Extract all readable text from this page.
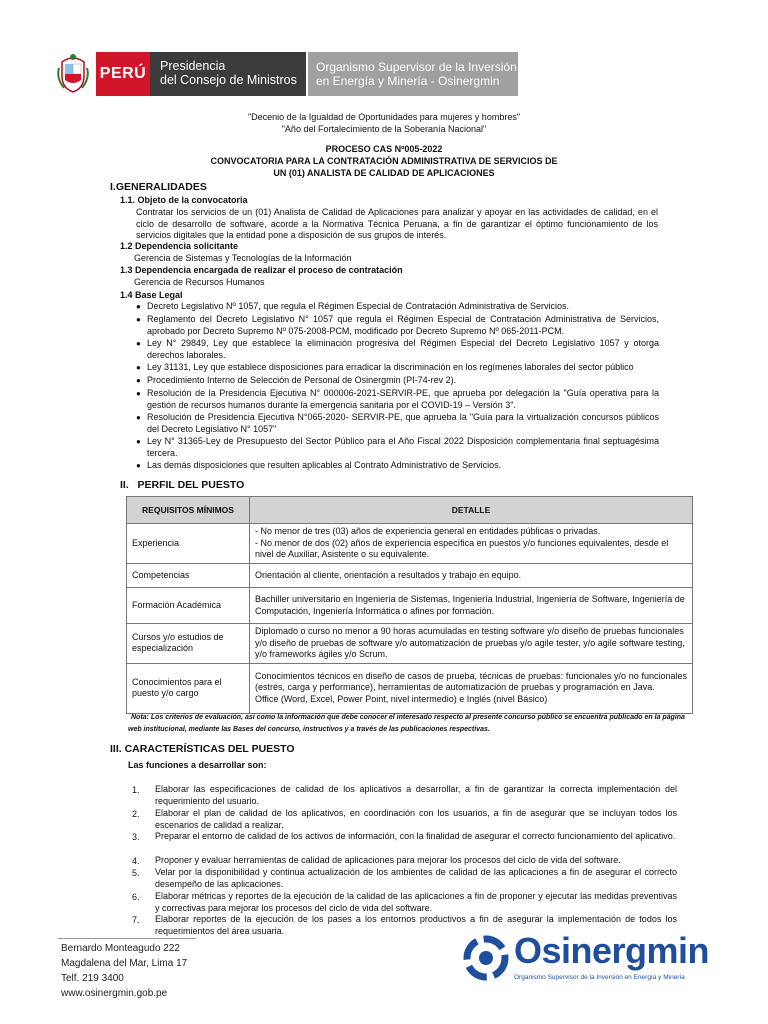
PERÚ	Presidencia
del Consejo de Ministros
Organismo Supervisor de la Inversión
en Energía y Minería - Osinergmin
"Decenio de la Igualdad de Oportunidades para mujeres y hombres"
"Año del Fortalecimiento de la Soberanía Nacional"
PROCESO CAS Nº005-2022
CONVOCATORIA PARA LA CONTRATACIÓN ADMINISTRATIVA DE SERVICIOS DE
UN (01) ANALISTA DE CALIDAD DE APLICACIONES
I.GENERALIDADES
1.1. Objeto de la convocatoria
Contratar los servicios de un (01) Analista de Calidad de Aplicaciones para analizar y apoyar en las actividades de calidad, en el ciclo de desarrollo de software, acorde a la Normativa Técnica Peruana, a fin de garantizar el óptimo funcionamiento de los servicios digitales que la entidad pone a disposición de sus grupos de interés.
1.2 Dependencia solicitante
Gerencia de Sistemas y Tecnologías de la Información
1.3 Dependencia encargada de realizar el proceso de contratación
Gerencia de Recursos Humanos
1.4 Base Legal
● Decreto Legislativo Nº 1057, que regula el Régimen Especial de Contratación Administrativa de Servicios.
● Reglamento del Decreto Legislativo N° 1057 que regula el Régimen Especial de Contratación Administrativa de Servicios, aprobado por Decreto Supremo Nº 075-2008-PCM, modificado por Decreto Supremo Nº 065-2011-PCM.
● Ley N° 29849, Ley que establece la eliminación progresiva del Régimen Especial del Decreto Legislativo 1057 y otorga derechos laborales.
● Ley 31131, Ley que establece disposiciones para erradicar la discriminación en los regímenes laborales del sector público
● Procedimiento Interno de Selección de Personal de Osinergmin (PI-74-rev 2).
● Resolución de la Presidencia Ejecutiva N° 000006-2021-SERVIR-PE, que aprueba por delegación la "Guía operativa para la gestión de recursos humanos durante la emergencia sanitaria por el COVID-19 – Versión 3".
● Resolución de Presidencia Ejecutiva N°065-2020- SERVIR-PE, que aprueba la "Guía para la virtualización concursos públicos del Decreto Legislativo N° 1057"
● Ley N° 31365-Ley de Presupuesto del Sector Público para el Año Fiscal 2022 Disposición complementaria final septuagésima tercera.
● Las demás disposiciones que resulten aplicables al Contrato Administrativo de Servicios.
II.   PERFIL DEL PUESTO
REQUISITOS MÍNIMOS	DETALLE
Experiencia	- No menor de tres (03) años de experiencia general en entidades públicas o privadas.
- No menor de dos (02) años de experiencia específica en puestos y/o funciones equivalentes, desde el nivel de Auxiliar, Asistente o su equivalente.
Competencias	Orientación al cliente, orientación a resultados y trabajo en equipo.
Formación Académica	Bachiller universitario en Ingeniería de Sistemas, Ingeniería Industrial, Ingeniería de Software, Ingeniería de Computación, Ingeniería Informática o afines por formación.
Cursos y/o estudios de especialización	Diplomado o curso no menor a 90 horas acumuladas en testing software y/o diseño de pruebas funcionales y/o diseño de pruebas de software y/o automatización de pruebas y/o agile tester, y/o agile software testing, y/o frameworks ágiles y/o Scrum.
Conocimientos para el puesto y/o cargo	Conocimientos técnicos en diseño de casos de prueba, técnicas de pruebas: funcionales y/o no funcionales (estrés, carga y performance), herramientas de automatización de pruebas y programación en Java.
Office (Word, Excel, Power Point, nivel intermedio) e Inglés (nivel Básico)
Nota: Los criterios de evaluación, así como la información que debe conocer el interesado respecto al presente concurso público se encuentra publicado en la página
web institucional, mediante las Bases del concurso, instructivos y a través de las publicaciones respectivas.
III. CARACTERÍSTICAS DEL PUESTO
Las funciones a desarrollar son:
1. Elaborar las especificaciones de calidad de los aplicativos a desarrollar, a fin de garantizar la correcta implementación del requerimiento del usuario.
2. Elaborar el plan de calidad de los aplicativos, en coordinación con los usuarios, a fin de asegurar que se incluyan todos los escenarios de calidad a realizar.
3. Preparar el entorno de calidad de los activos de información, con la finalidad de asegurar el correcto funcionamiento del aplicativo.
4. Proponer y evaluar herramientas de calidad de aplicaciones para mejorar los procesos del ciclo de vida del software.
5. Velar por la disponibilidad y continua actualización de los ambientes de calidad de las aplicaciones a fin de asegurar el correcto desempeño de las aplicaciones.
6. Elaborar métricas y reportes de la ejecución de la calidad de las aplicaciones a fin de proponer y ejecutar las medidas preventivas y correctivas para mejorar los procesos del ciclo de vida del software.
7. Elaborar reportes de la ejecución de los pases a los entornos productivos a fin de asegurar la implementación de todos los requerimientos del área usuaria.
Bernardo Monteagudo 222
Magdalena del Mar, Lima 17
Telf. 219 3400
www.osinergmin.gob.pe
Osinergmin
Organismo Supervisor de la Inversión en Energía y Minería
